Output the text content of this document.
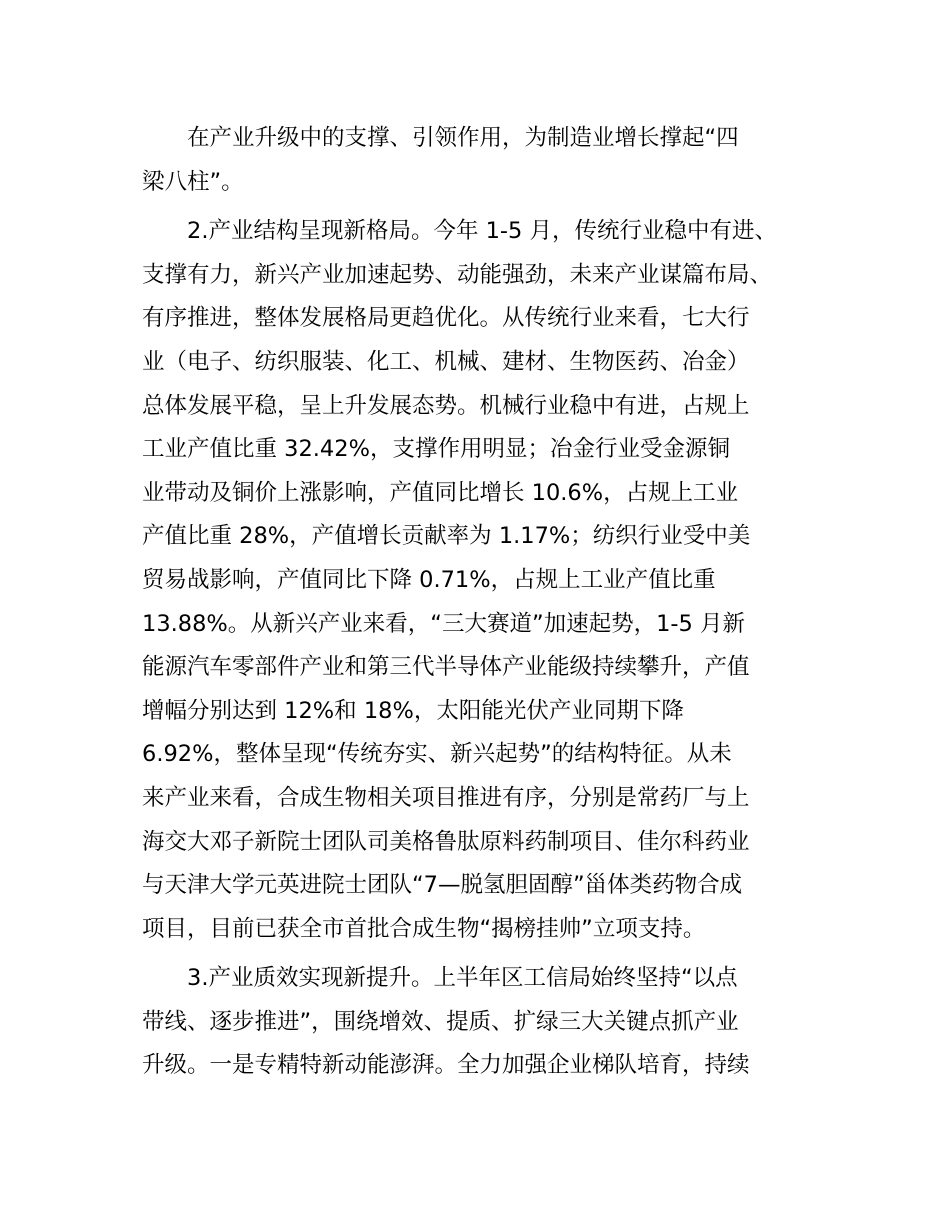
在产业升级中的支撑、引领作用，为制造业增长撑起“四
梁八柱”。
2.产业结构呈现新格局。今年 1-5 月，传统行业稳中有进、
支撑有力，新兴产业加速起势、动能强劲，未来产业谋篇布局、
有序推进，整体发展格局更趋优化。从传统行业来看，七大行
业（电子、纺织服装、化工、机械、建材、生物医药、冶金）
总体发展平稳，呈上升发展态势。机械行业稳中有进，占规上
工业产值比重 32.42%，支撑作用明显；冶金行业受金源铜
业带动及铜价上涨影响，产值同比增长 10.6%，占规上工业
产值比重 28%，产值增长贡献率为 1.17%；纺织行业受中美
贸易战影响，产值同比下降 0.71%，占规上工业产值比重
13.88%。从新兴产业来看，“三大赛道”加速起势，1-5 月新
能源汽车零部件产业和第三代半导体产业能级持续攀升，产值
增幅分别达到 12%和 18%，太阳能光伏产业同期下降
6.92%，整体呈现“传统夯实、新兴起势”的结构特征。从未
来产业来看，合成生物相关项目推进有序，分别是常药厂与上
海交大邓子新院士团队司美格鲁肽原料药制项目、佳尔科药业
与天津大学元英进院士团队“7—脱氢胆固醇”甾体类药物合成
项目，目前已获全市首批合成生物“揭榜挂帅”立项支持。
3.产业质效实现新提升。上半年区工信局始终坚持“以点
带线、逐步推进”，围绕增效、提质、扩绿三大关键点抓产业
升级。一是专精特新动能澎湃。全力加强企业梯队培育，持续
